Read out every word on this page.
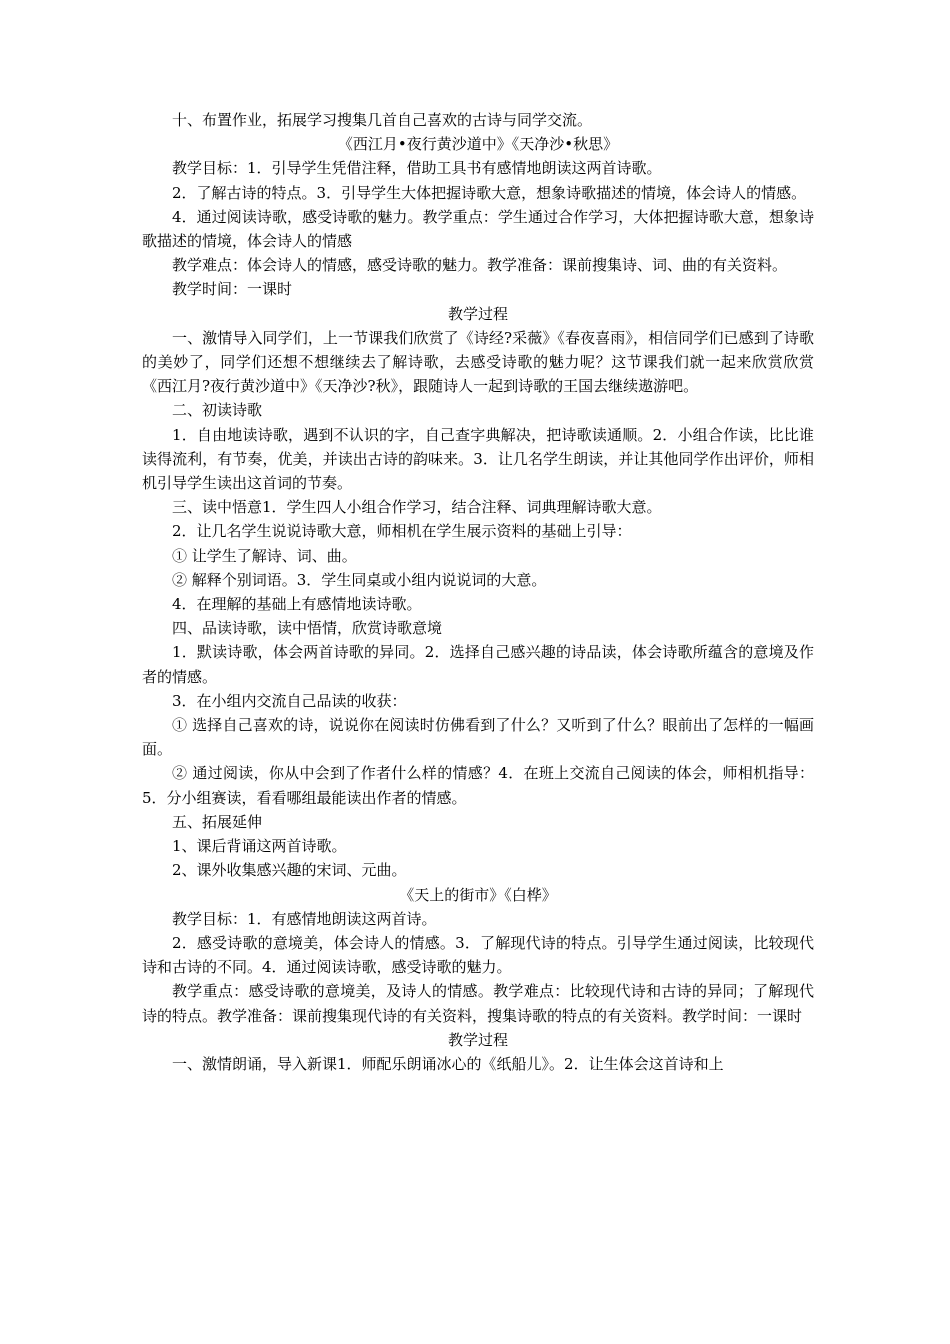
十、布置作业，拓展学习搜集几首自己喜欢的古诗与同学交流。

《西江月•夜行黄沙道中》《天净沙•秋思》

教学目标：1．引导学生凭借注释，借助工具书有感情地朗读这两首诗歌。

2．了解古诗的特点。3．引导学生大体把握诗歌大意，想象诗歌描述的情境，体会诗人的情感。

4．通过阅读诗歌，感受诗歌的魅力。教学重点：学生通过合作学习，大体把握诗歌大意，想象诗歌描述的情境，体会诗人的情感

教学难点：体会诗人的情感，感受诗歌的魅力。教学准备：课前搜集诗、词、曲的有关资料。

教学时间：一课时

教学过程

一、激情导入同学们，上一节课我们欣赏了《诗经?采薇》《春夜喜雨》，相信同学们已感到了诗歌的美妙了，同学们还想不想继续去了解诗歌，去感受诗歌的魅力呢？这节课我们就一起来欣赏欣赏《西江月?夜行黄沙道中》《天净沙?秋》，跟随诗人一起到诗歌的王国去继续遨游吧。

二、初读诗歌

1．自由地读诗歌，遇到不认识的字，自己查字典解决，把诗歌读通顺。2．小组合作读，比比谁读得流利，有节奏，优美，并读出古诗的韵味来。3．让几名学生朗读，并让其他同学作出评价，师相机引导学生读出这首词的节奏。

三、读中悟意1．学生四人小组合作学习，结合注释、词典理解诗歌大意。

2．让几名学生说说诗歌大意，师相机在学生展示资料的基础上引导：

① 让学生了解诗、词、曲。

② 解释个别词语。3．学生同桌或小组内说说词的大意。

4．在理解的基础上有感情地读诗歌。

四、品读诗歌，读中悟情，欣赏诗歌意境

1．默读诗歌，体会两首诗歌的异同。2．选择自己感兴趣的诗品读，体会诗歌所蕴含的意境及作者的情感。

3．在小组内交流自己品读的收获：

① 选择自己喜欢的诗，说说你在阅读时仿佛看到了什么？又听到了什么？眼前出了怎样的一幅画面。

② 通过阅读，你从中会到了作者什么样的情感？4．在班上交流自己阅读的体会，师相机指导：5．分小组赛读，看看哪组最能读出作者的情感。

五、拓展延伸

1、课后背诵这两首诗歌。

2、课外收集感兴趣的宋词、元曲。

《天上的街市》《白桦》

教学目标：1．有感情地朗读这两首诗。

2．感受诗歌的意境美，体会诗人的情感。3．了解现代诗的特点。引导学生通过阅读，比较现代诗和古诗的不同。4．通过阅读诗歌，感受诗歌的魅力。

教学重点：感受诗歌的意境美，及诗人的情感。教学难点：比较现代诗和古诗的异同；了解现代诗的特点。教学准备：课前搜集现代诗的有关资料，搜集诗歌的特点的有关资料。教学时间：一课时

教学过程

一、激情朗诵，导入新课1．师配乐朗诵冰心的《纸船儿》。2．让生体会这首诗和上
